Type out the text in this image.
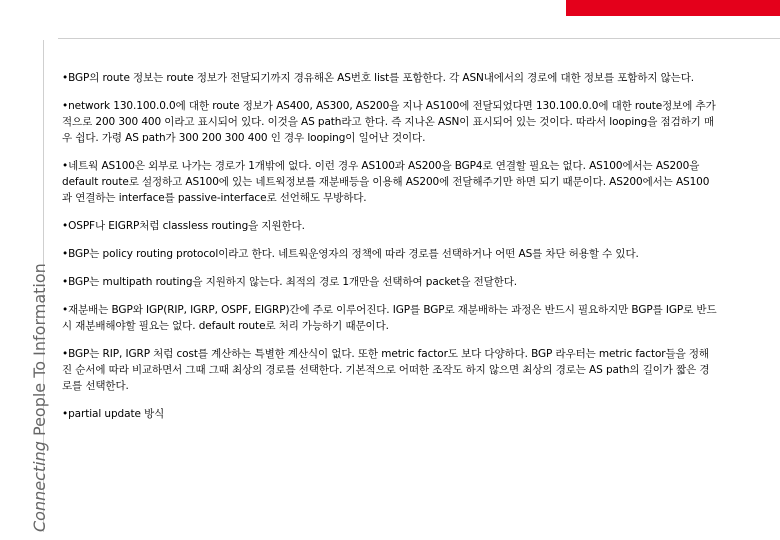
Connecting People To Information

•BGP의 route 정보는 route 정보가 전달되기까지 경유해온 AS번호 list를 포함한다. 각 ASN내에서의 경로에 대한 정보를 포함하지 않는다.

•network 130.100.0.0에 대한 route 정보가 AS400, AS300, AS200을 지나 AS100에 전달되었다면 130.100.0.0에 대한 route정보에 추가적으로 200 300 400 이라고 표시되어 있다. 이것을 AS path라고 한다. 즉 지나온 ASN이 표시되어 있는 것이다. 따라서 looping을 점검하기 매우 쉽다. 가령 AS path가 300 200 300 400 인 경우 looping이 일어난 것이다.

•네트웍 AS100은 외부로 나가는 경로가 1개밖에 없다. 이런 경우 AS100과 AS200을 BGP4로 연결할 필요는 없다. AS100에서는 AS200을 default route로 설정하고 AS100에 있는 네트웍정보를 재분배등을 이용해 AS200에 전달해주기만 하면 되기 때문이다. AS200에서는 AS100과 연결하는 interface를 passive-interface로 선언해도 무방하다.

•OSPF나 EIGRP처럼 classless routing을 지원한다.

•BGP는 policy routing protocol이라고 한다. 네트웍운영자의 정책에 따라 경로를 선택하거나 어떤 AS를 차단 허용할 수 있다.

•BGP는 multipath routing을 지원하지 않는다. 최적의 경로 1개만을 선택하여 packet을 전달한다.

•재분배는 BGP와 IGP(RIP, IGRP, OSPF, EIGRP)간에 주로 이루어진다. IGP를 BGP로 재분배하는 과정은 반드시 필요하지만 BGP를 IGP로 반드시 재분배해야할 필요는 없다. default route로 처리 가능하기 때문이다.

•BGP는 RIP, IGRP 처럼 cost를 계산하는 특별한 계산식이 없다. 또한 metric factor도 보다 다양하다. BGP 라우터는 metric factor들을 정해진 순서에 따라 비교하면서 그때 그때 최상의 경로를 선택한다. 기본적으로 어떠한 조작도 하지 않으면 최상의 경로는 AS path의 길이가 짧은 경로를 선택한다.

•partial update 방식
